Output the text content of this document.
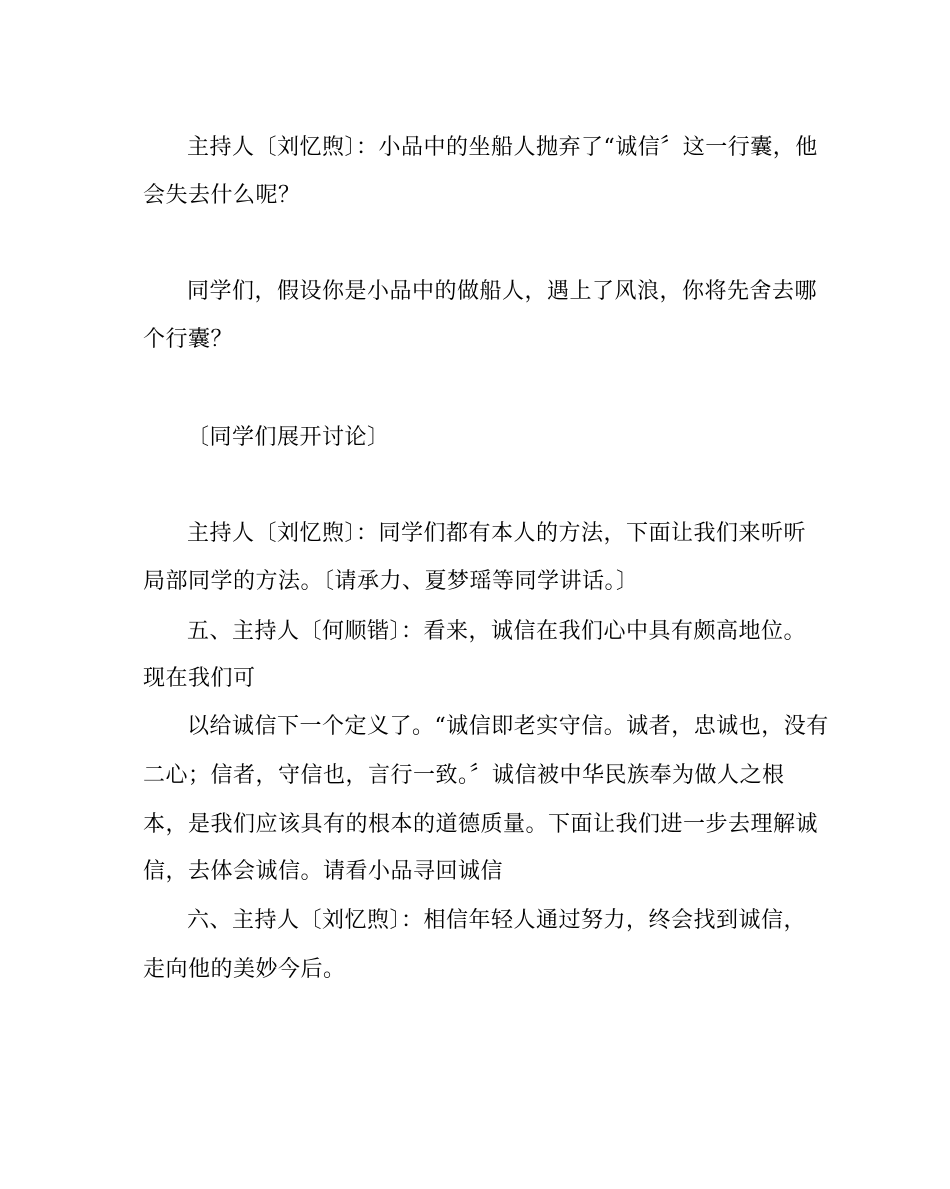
主持人〔刘忆煦〕：小品中的坐船人抛弃了“诚信〞这一行囊，他
会失去什么呢？
同学们，假设你是小品中的做船人，遇上了风浪，你将先舍去哪
个行囊？
〔同学们展开讨论〕
主持人〔刘忆煦〕：同学们都有本人的方法，下面让我们来听听
局部同学的方法。〔请承力、夏梦瑶等同学讲话。〕
五、主持人〔何顺锴〕：看来，诚信在我们心中具有颇高地位。
现在我们可
以给诚信下一个定义了。“诚信即老实守信。诚者，忠诚也，没有
二心；信者，守信也，言行一致。〞诚信被中华民族奉为做人之根
本，是我们应该具有的根本的道德质量。下面让我们进一步去理解诚
信，去体会诚信。请看小品寻回诚信
六、主持人〔刘忆煦〕：相信年轻人通过努力，终会找到诚信，
走向他的美妙今后。
